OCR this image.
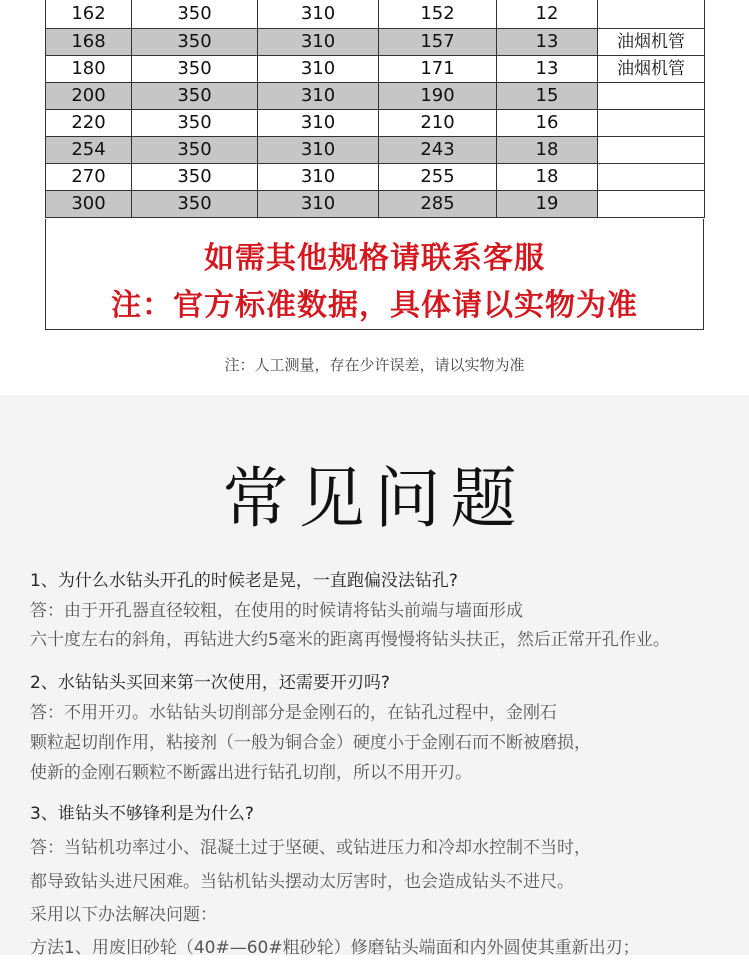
162	350	310	152	12	
168	350	310	157	13	油烟机管
180	350	310	171	13	油烟机管
200	350	310	190	15	
220	350	310	210	16	
254	350	310	243	18	
270	350	310	255	18	
300	350	310	285	19	
如需其他规格请联系客服
注：官方标准数据，具体请以实物为准
注：人工测量，存在少许误差，请以实物为准
常见问题
1、为什么水钻头开孔的时候老是晃，一直跑偏没法钻孔?
答：由于开孔器直径较粗，在使用的时候请将钻头前端与墙面形成
六十度左右的斜角，再钻进大约5毫米的距离再慢慢将钻头扶正，然后正常开孔作业。
2、水钻钻头买回来第一次使用，还需要开刃吗?
答：不用开刃。水钻钻头切削部分是金刚石的，在钻孔过程中，金刚石
颗粒起切削作用，粘接剂（一般为铜合金）硬度小于金刚石而不断被磨损，
使新的金刚石颗粒不断露出进行钻孔切削，所以不用开刃。
3、谁钻头不够锋利是为什么?
答：当钻机功率过小、混凝土过于坚硬、或钻进压力和冷却水控制不当时，
都导致钻头进尺困难。当钻机钻头摆动太厉害时，也会造成钻头不进尺。
采用以下办法解决问题：
方法1、用废旧砂轮（40#—60#粗砂轮）修磨钻头端面和内外圆使其重新出刃；
